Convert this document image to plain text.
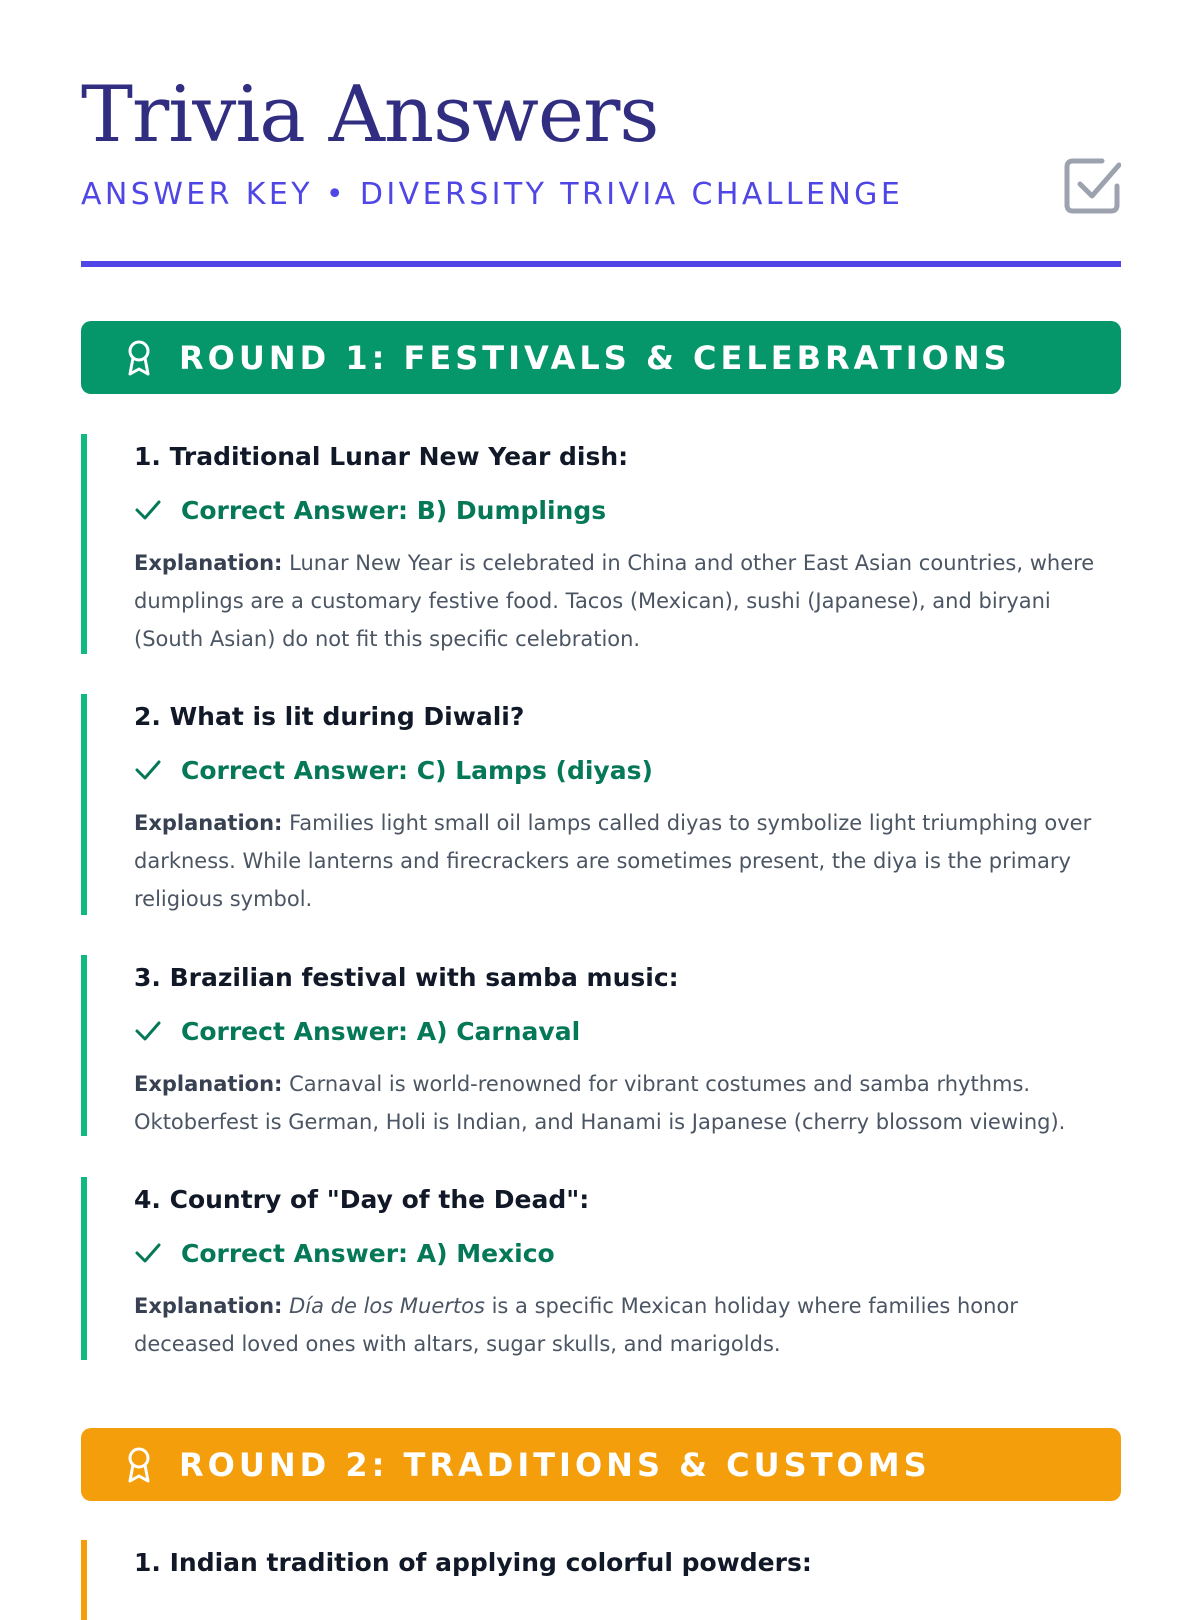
Trivia Answers
ANSWER KEY • DIVERSITY TRIVIA CHALLENGE
ROUND 1: FESTIVALS & CELEBRATIONS
1. Traditional Lunar New Year dish:
Correct Answer: B) Dumplings
Explanation: Lunar New Year is celebrated in China and other East Asian countries, where dumplings are a customary festive food. Tacos (Mexican), sushi (Japanese), and biryani (South Asian) do not fit this specific celebration.
2. What is lit during Diwali?
Correct Answer: C) Lamps (diyas)
Explanation: Families light small oil lamps called diyas to symbolize light triumphing over darkness. While lanterns and firecrackers are sometimes present, the diya is the primary religious symbol.
3. Brazilian festival with samba music:
Correct Answer: A) Carnaval
Explanation: Carnaval is world-renowned for vibrant costumes and samba rhythms. Oktoberfest is German, Holi is Indian, and Hanami is Japanese (cherry blossom viewing).
4. Country of "Day of the Dead":
Correct Answer: A) Mexico
Explanation: Día de los Muertos is a specific Mexican holiday where families honor deceased loved ones with altars, sugar skulls, and marigolds.
ROUND 2: TRADITIONS & CUSTOMS
1. Indian tradition of applying colorful powders:
